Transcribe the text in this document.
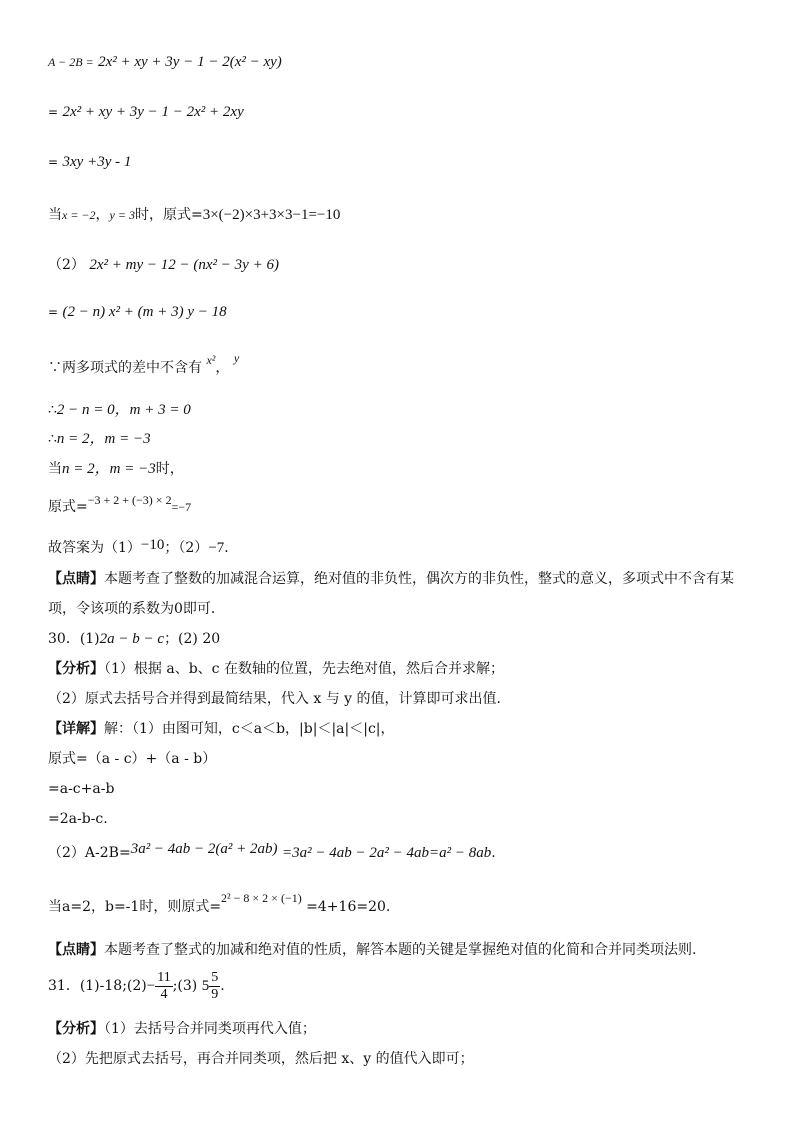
A − 2B = 2x² + xy + 3y − 1 − 2(x² − xy)
= 2x² + xy + 3y − 1 − 2x² + 2xy
= 3xy +3y - 1
当x = −2，y = 3时，原式=3×(−2)×3+3×3−1=−10
（2） 2x² + my − 12 − (nx² − 3y + 6)
= (2 − n) x² + (m + 3) y − 18
∵两多项式的差中不含有 x²， y
∴2 − n = 0，m + 3 = 0
∴n = 2，m = −3
当n = 2，m = −3时，
原式=−3 + 2 + (−3) × 2=−7
故答案为（1）−10；（2）−7．
【点睛】本题考查了整数的加减混合运算，绝对值的非负性，偶次方的非负性，整式的意义，多项式中不含有某
项，令该项的系数为0即可．
30．(1)2a − b − c；(2) 20
【分析】（1）根据 a、b、c 在数轴的位置，先去绝对值，然后合并求解；
（2）原式去括号合并得到最简结果，代入 x 与 y 的值，计算即可求出值．
【详解】解：（1）由图可知，c＜a＜b，|b|＜|a|＜|c|，
原式=（a - c）+（a - b）
=a-c+a-b
=2a-b-c.
（2）A-2B=3a² − 4ab − 2(a² + 2ab) =3a² − 4ab − 2a² − 4ab=a² − 8ab.
当a=2，b=-1时，则原式=2² − 8 × 2 × (−1) =4+16=20.
【点睛】本题考查了整式的加减和绝对值的性质，解答本题的关键是掌握绝对值的化简和合并同类项法则.
31．(1)-18;(2)− $\frac{11}{4}$ ;(3) $5 \frac{5}{9}$ .
【分析】（1）去括号合并同类项再代入值；
（2）先把原式去括号，再合并同类项，然后把 x、y 的值代入即可；
